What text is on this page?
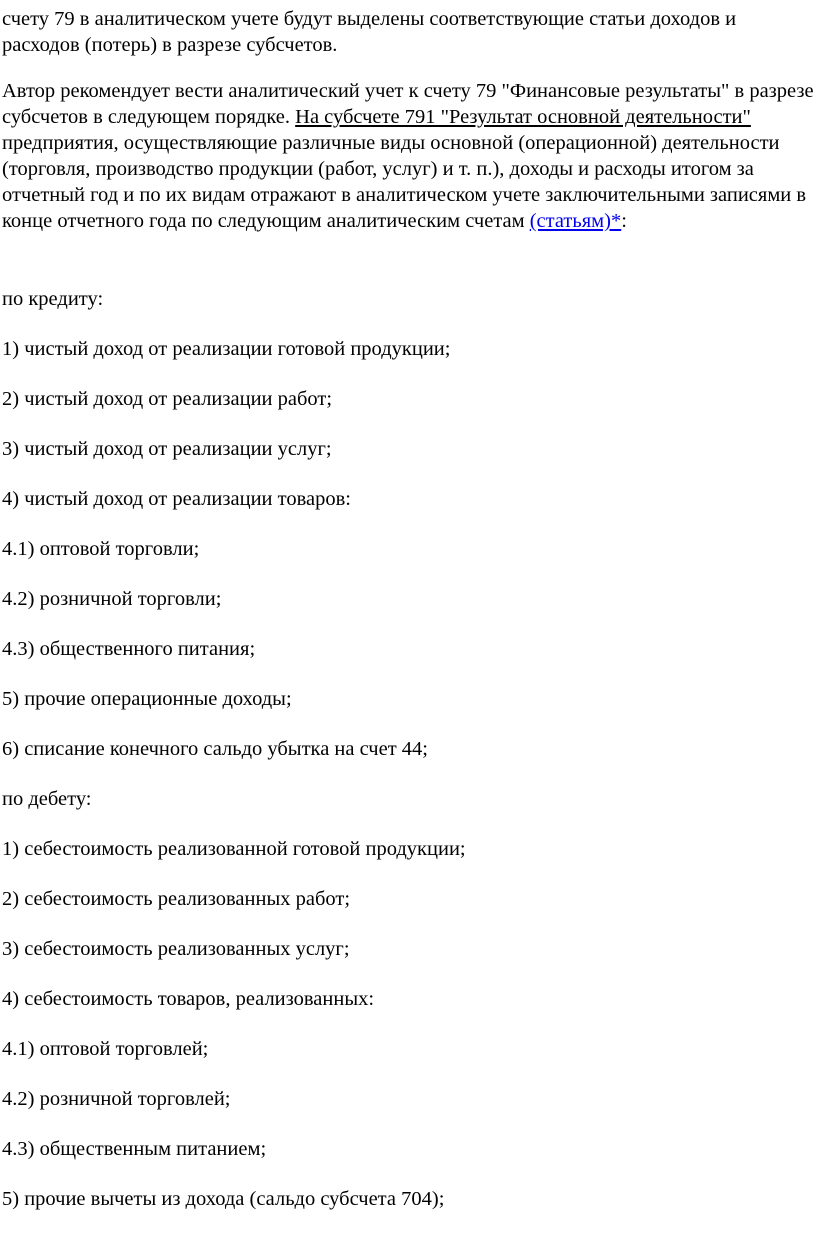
счету 79 в аналитическом учете будут выделены соответствующие статьи доходов и расходов (потерь) в разрезе субсчетов.

Автор рекомендует вести аналитический учет к счету 79 "Финансовые результаты" в разрезе субсчетов в следующем порядке. На субсчете 791 "Результат основной деятельности" предприятия, осуществляющие различные виды основной (операционной) деятельности (торговля, производство продукции (работ, услуг) и т. п.), доходы и расходы итогом за отчетный год и по их видам отражают в аналитическом учете заключительными записями в конце отчетного года по следующим аналитическим счетам (статьям)*:

по кредиту:

1) чистый доход от реализации готовой продукции;

2) чистый доход от реализации работ;

3) чистый доход от реализации услуг;

4) чистый доход от реализации товаров:

4.1) оптовой торговли;

4.2) розничной торговли;

4.3) общественного питания;

5) прочие операционные доходы;

6) списание конечного сальдо убытка на счет 44;

по дебету:

1) себестоимость реализованной готовой продукции;

2) себестоимость реализованных работ;

3) себестоимость реализованных услуг;

4) себестоимость товаров, реализованных:

4.1) оптовой торговлей;

4.2) розничной торговлей;

4.3) общественным питанием;

5) прочие вычеты из дохода (сальдо субсчета 704);
